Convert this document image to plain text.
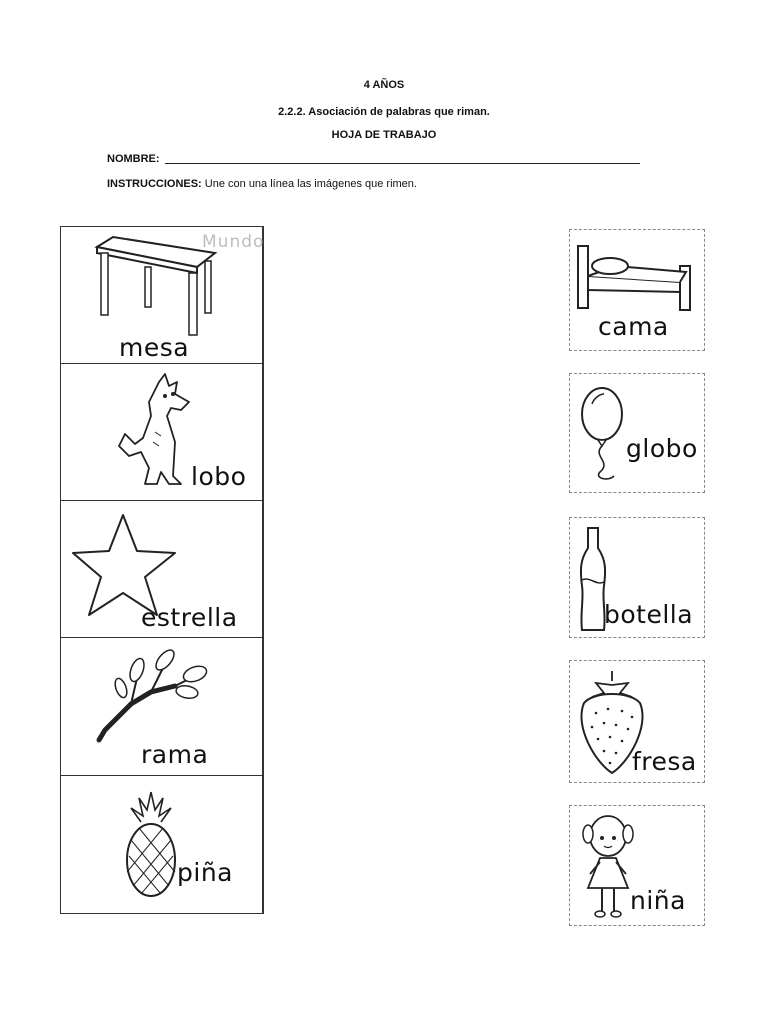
4 AÑOS
2.2.2. Asociación de palabras que riman.
HOJA DE TRABAJO
NOMBRE:
INSTRUCCIONES: Une con una línea las imágenes que rimen.
mesa
lobo
estrella
rama
piña
Mundo
cama
globo
botella
fresa
niña
